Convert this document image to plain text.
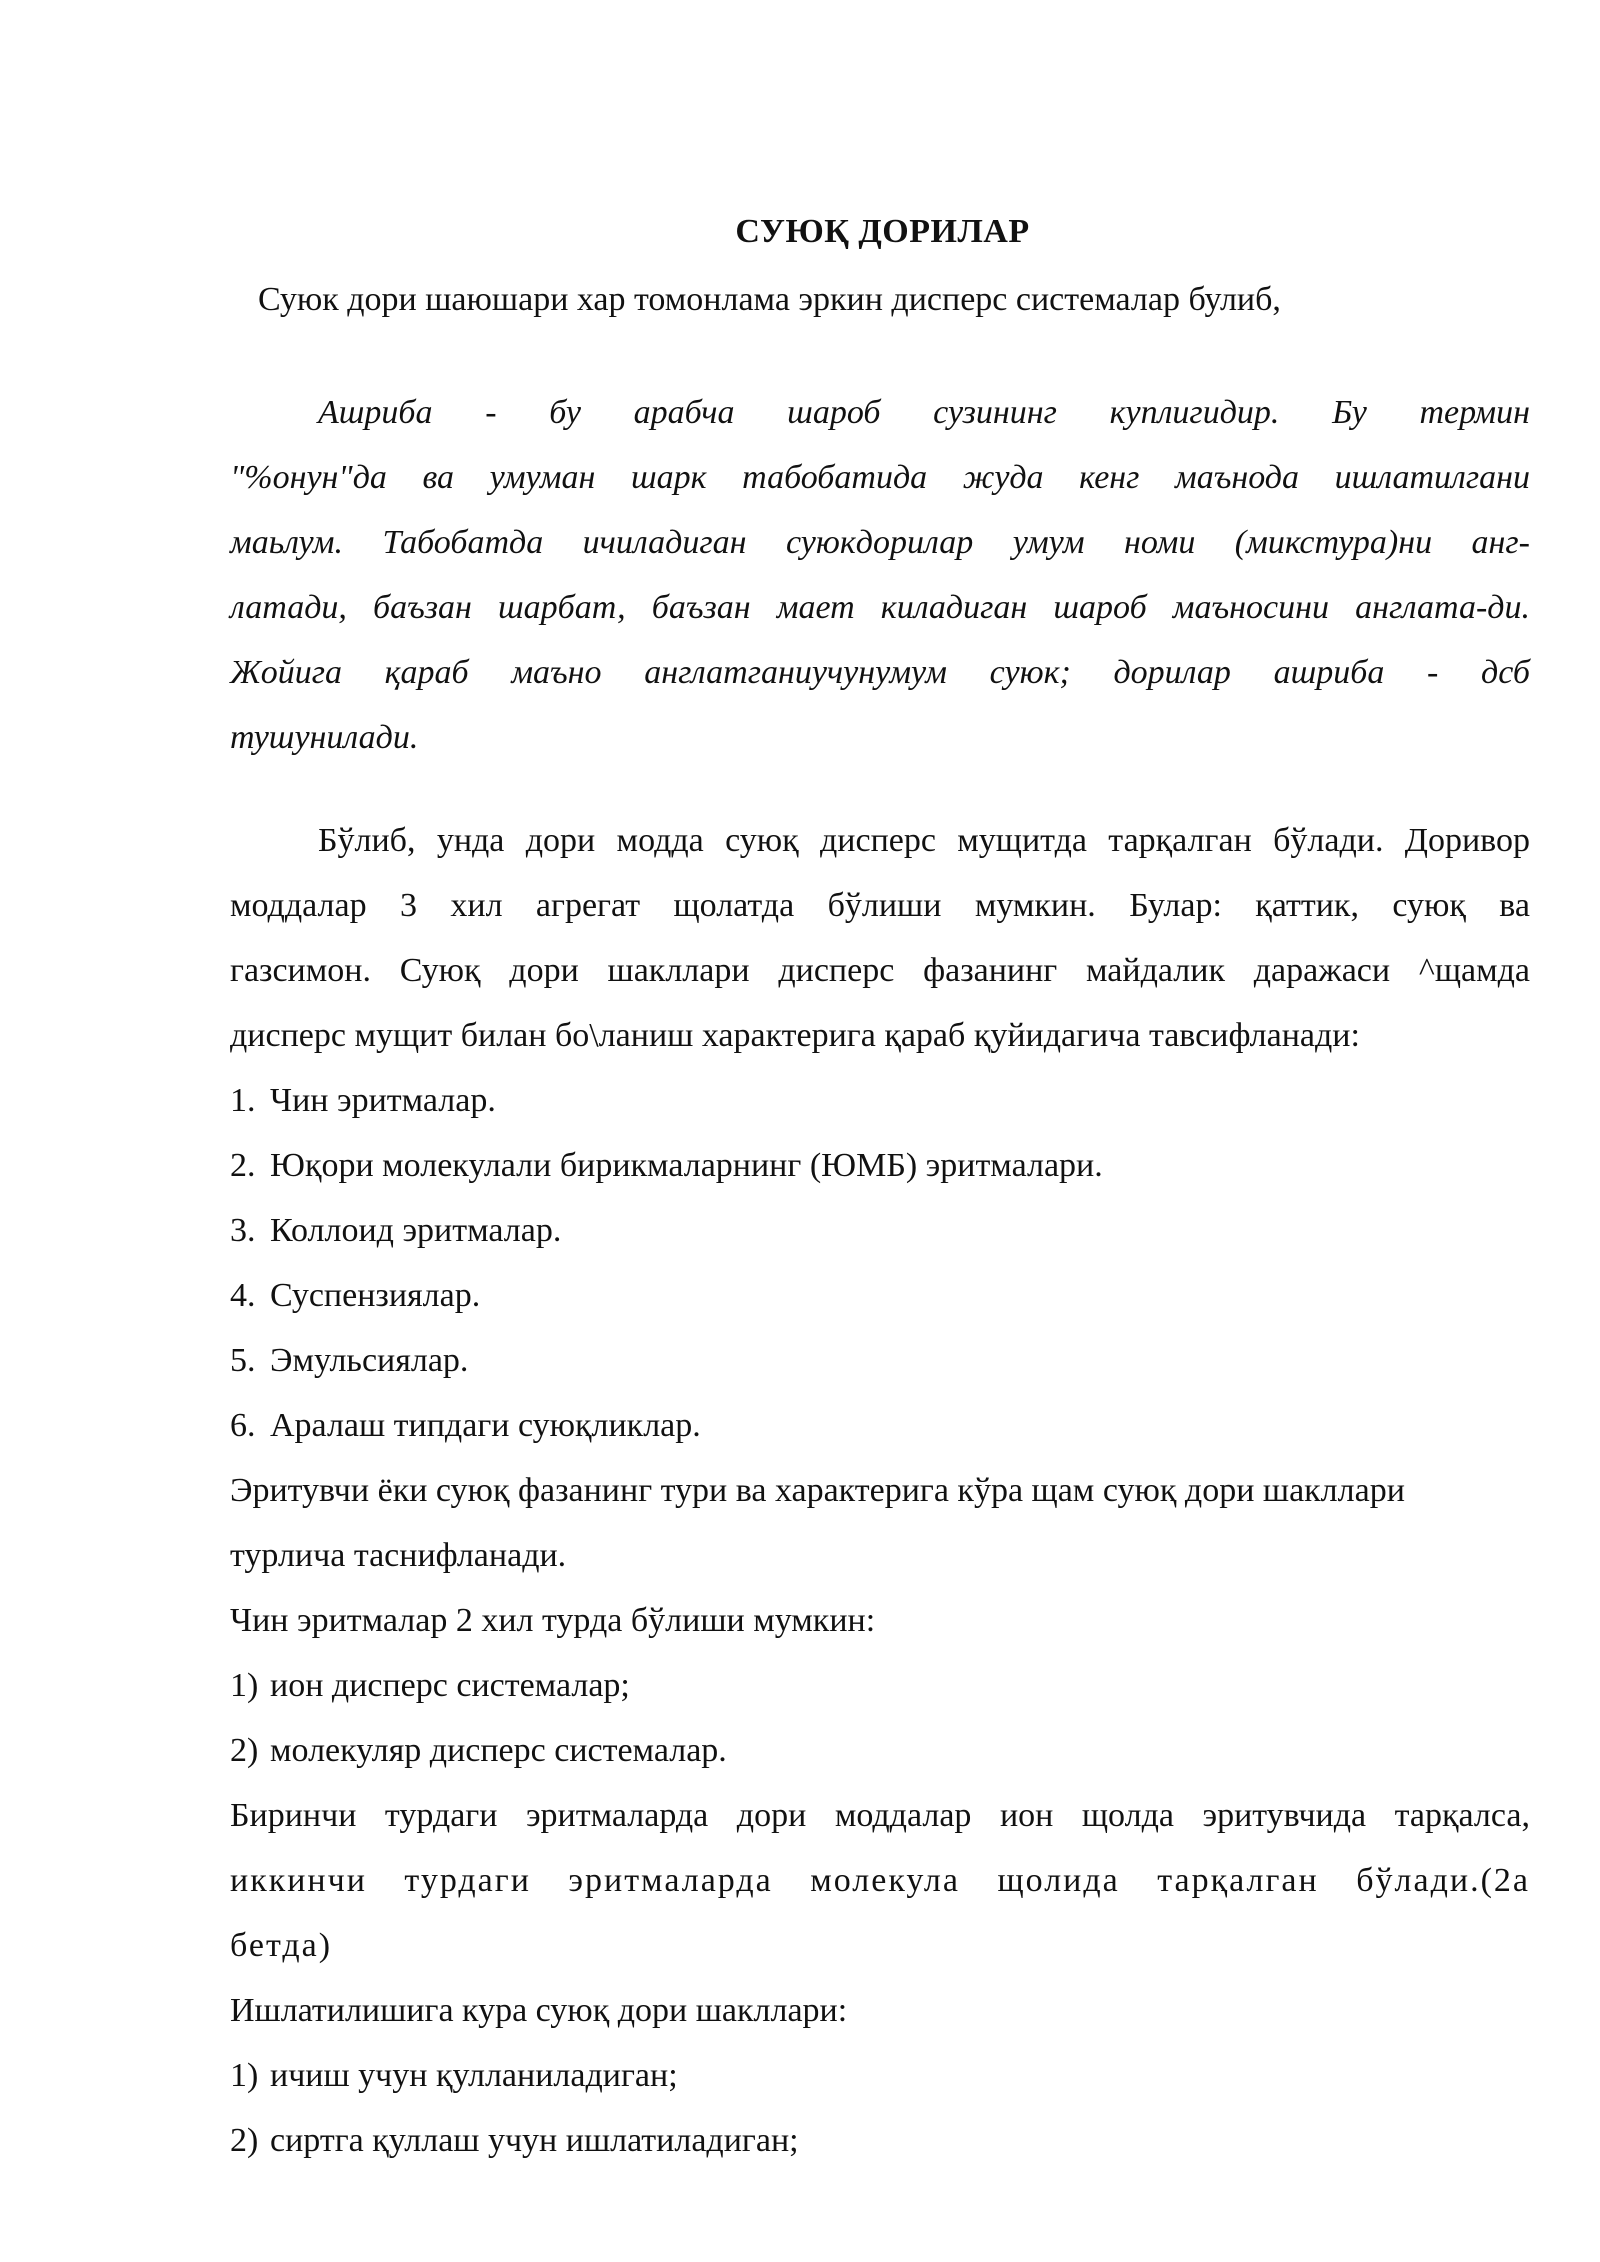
СУЮҚ ДОРИЛАР
Суюк дори шаюшари хар томонлама эркин дисперс системалар булиб,
Ашриба - бу арабча шароб сузининг куплигидир. Бу термин
"%онун"да ва умуман шарк табобатида жуда кенг маънода ишлатилгани
маьлум. Табобатда ичиладиган суюкдорилар умум номи (микстура)ни анг-
латади, баъзан шарбат, баъзан мает киладиган шароб маъносини англата-ди.
Жойига қараб маъно англатганиучунумум суюк; дорилар ашриба - дсб
тушунилади.
Бўлиб, унда дори модда суюқ дисперс мущитда тарқалган бўлади. Доривор
моддалар 3 хил агрегат щолатда бўлиши мумкин. Булар: қаттик, суюқ ва
газсимон. Суюқ дори шакллари дисперс фазанинг майдалик даражаси ^щамда
дисперс мущит билан бо\ланиш характерига қараб қуйидагича тавсифланади:
1. Чин эритмалар.
2. Юқори молекулали бирикмаларнинг (ЮМБ) эритмалари.
3. Коллоид эритмалар.
4. Суспензиялар.
5. Эмульсиялар.
6. Аралаш типдаги суюқликлар.
Эритувчи ёки суюқ фазанинг тури ва характерига кўра щам суюқ дори шакллари
турлича таснифланади.
Чин эритмалар 2 хил турда бўлиши мумкин:
1) ион дисперс системалар;
2) молекуляр дисперс системалар.
Биринчи турдаги эритмаларда дори моддалар ион щолда эритувчида тарқалса,
иккинчи турдаги эритмаларда молекула щолида тарқалган бўлади.(2а
бетда)
Ишлатилишига кура суюқ дори шакллари:
1) ичиш учун қулланиладиган;
2) сиртга қуллаш учун ишлатиладиган;
